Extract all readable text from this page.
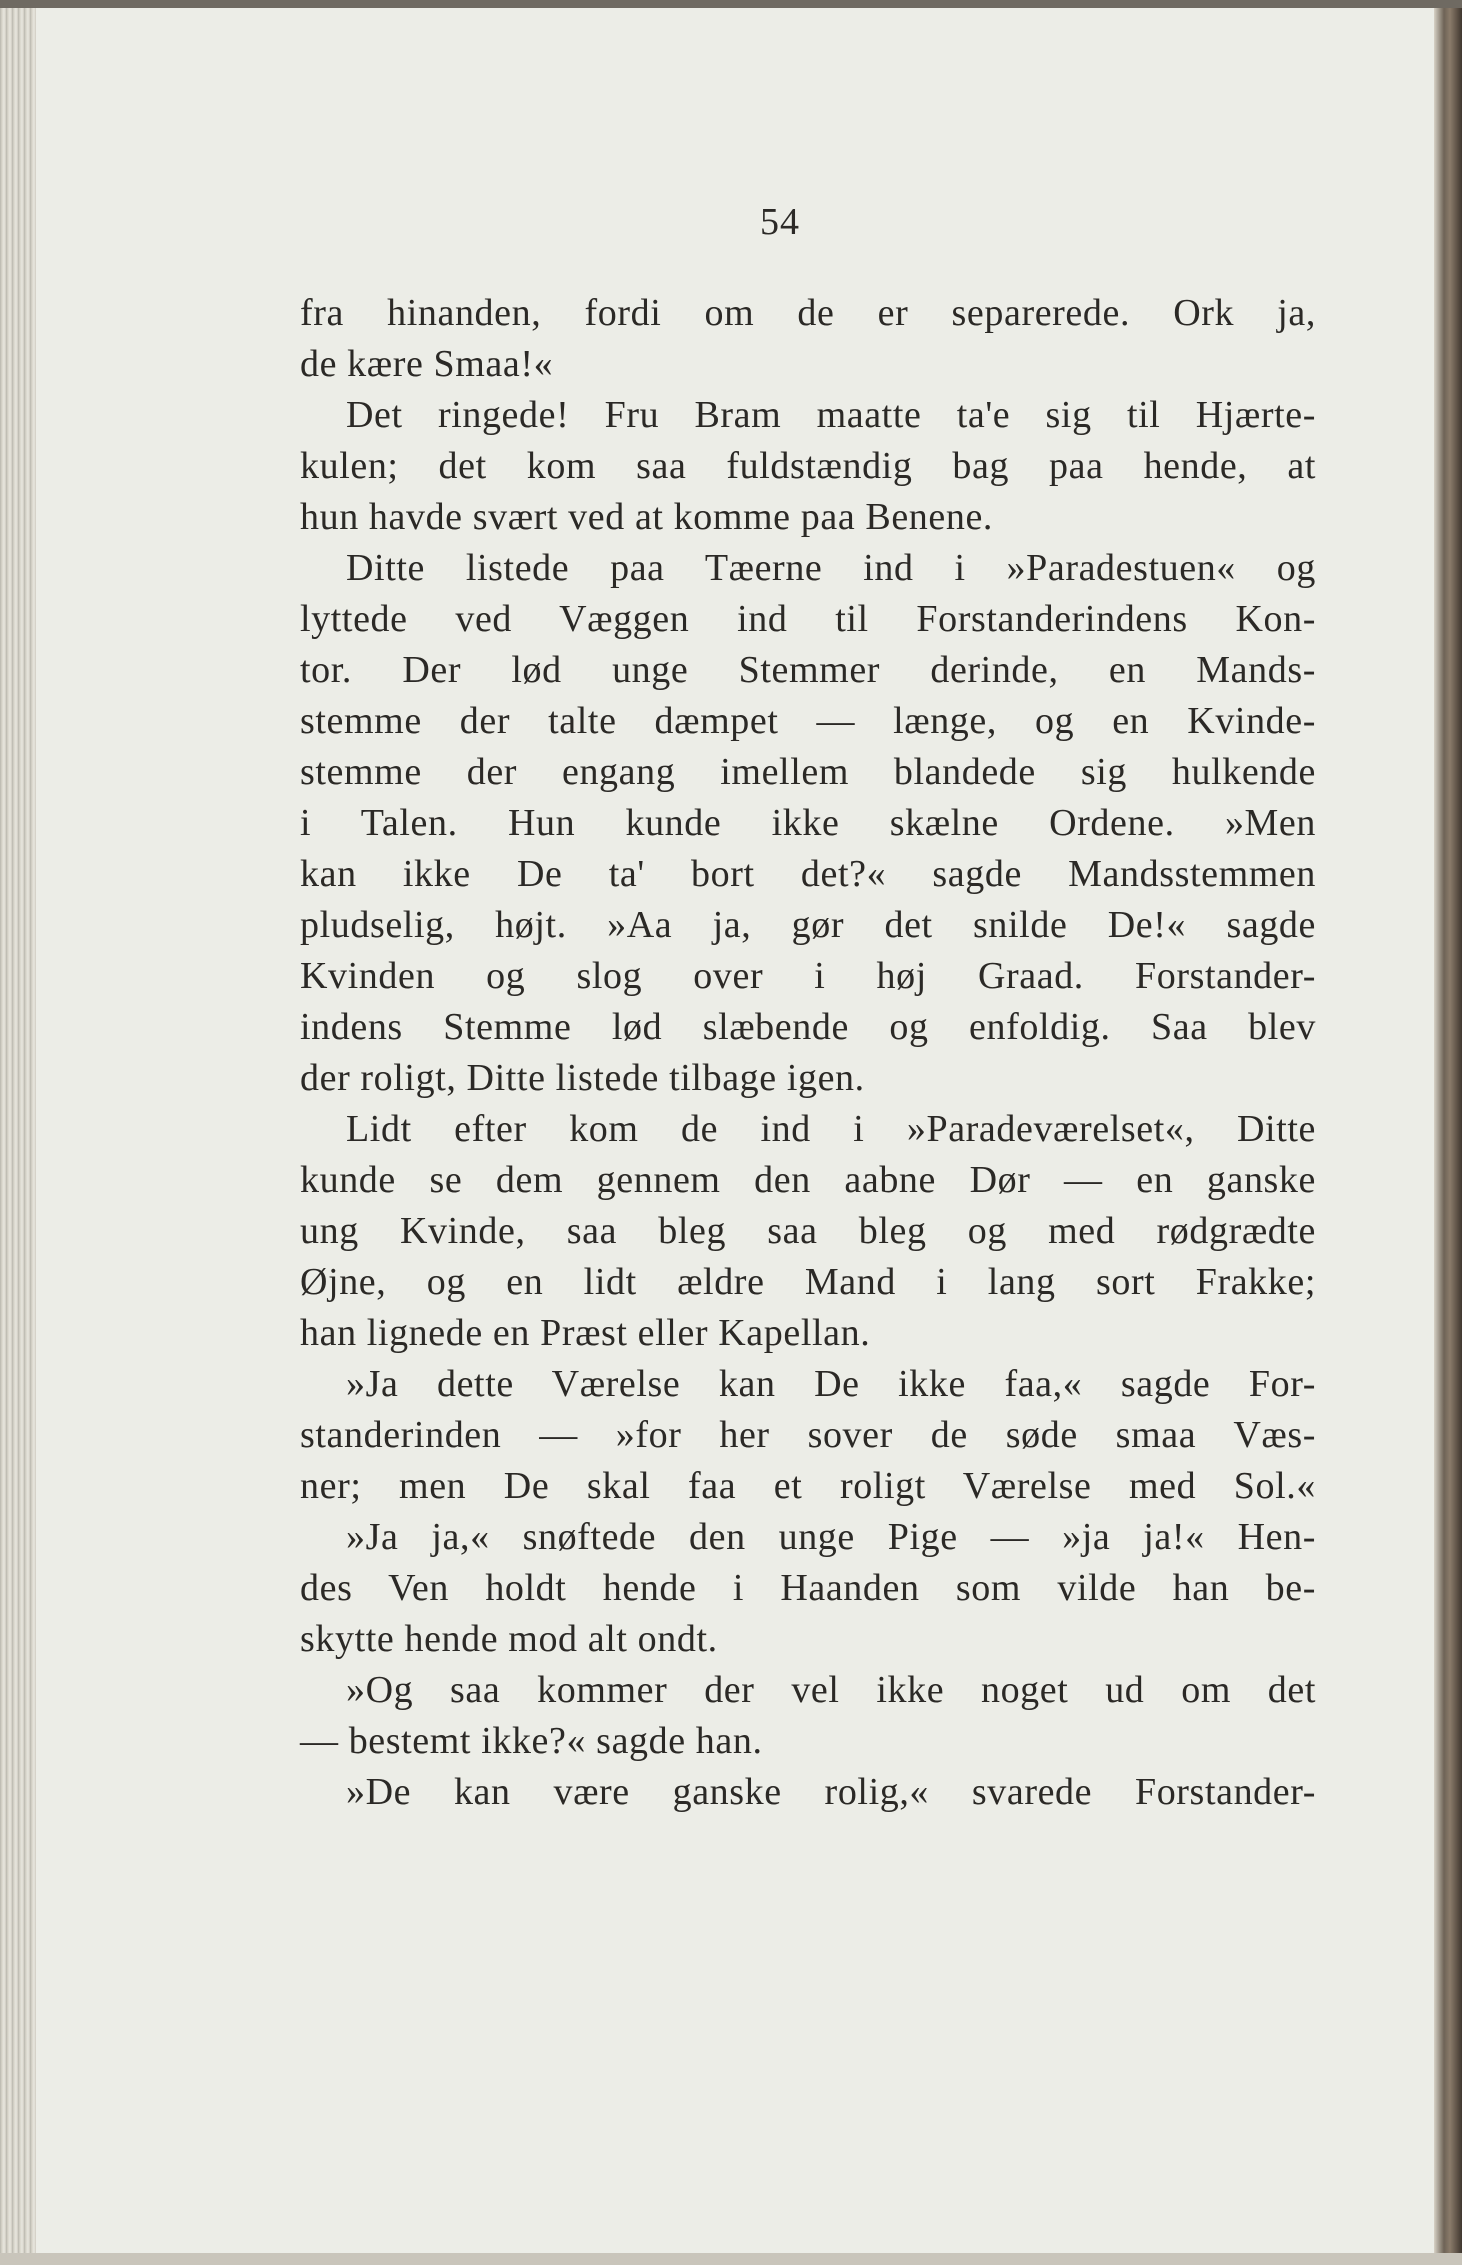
54
fra hinanden, fordi om de er separerede. Ork ja,
de kære Smaa!«
Det ringede! Fru Bram maatte ta'e sig til Hjærte-
kulen; det kom saa fuldstændig bag paa hende, at
hun havde svært ved at komme paa Benene.
Ditte listede paa Tæerne ind i »Paradestuen« og
lyttede ved Væggen ind til Forstanderindens Kon-
tor. Der lød unge Stemmer derinde, en Mands-
stemme der talte dæmpet — længe, og en Kvinde-
stemme der engang imellem blandede sig hulkende
i Talen. Hun kunde ikke skælne Ordene. »Men
kan ikke De ta' bort det?« sagde Mandsstemmen
pludselig, højt. »Aa ja, gør det snilde De!« sagde
Kvinden og slog over i høj Graad. Forstander-
indens Stemme lød slæbende og enfoldig. Saa blev
der roligt, Ditte listede tilbage igen.
Lidt efter kom de ind i »Paradeværelset«, Ditte
kunde se dem gennem den aabne Dør — en ganske
ung Kvinde, saa bleg saa bleg og med rødgrædte
Øjne, og en lidt ældre Mand i lang sort Frakke;
han lignede en Præst eller Kapellan.
»Ja dette Værelse kan De ikke faa,« sagde For-
standerinden — »for her sover de søde smaa Væs-
ner; men De skal faa et roligt Værelse med Sol.«
»Ja ja,« snøftede den unge Pige — »ja ja!« Hen-
des Ven holdt hende i Haanden som vilde han be-
skytte hende mod alt ondt.
»Og saa kommer der vel ikke noget ud om det
— bestemt ikke?« sagde han.
»De kan være ganske rolig,« svarede Forstander-
